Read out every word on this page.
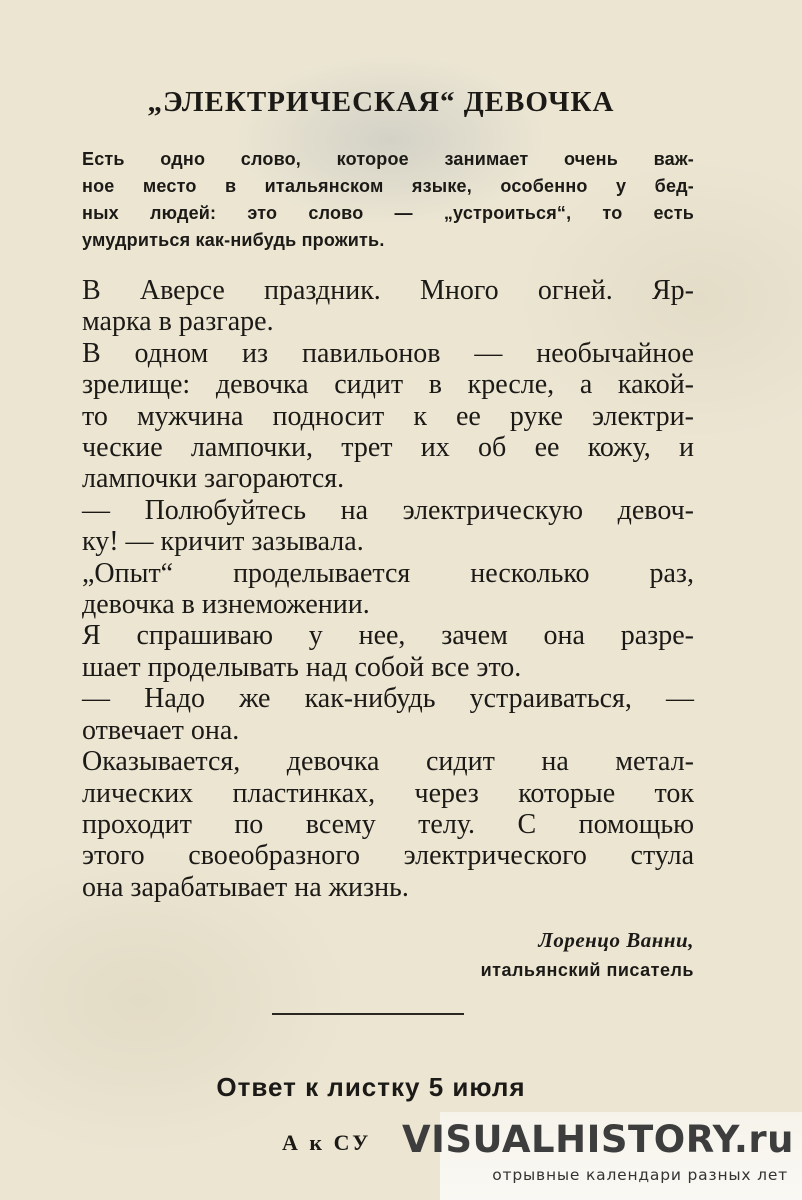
„ЭЛЕКТРИЧЕСКАЯ“ ДЕВОЧКА
Есть одно слово, которое занимает очень важ-
ное место в итальянском языке, особенно у бед-
ных людей: это слово — „устроиться“, то есть
умудриться как-нибудь прожить.
В Аверсе праздник. Много огней. Яр-
марка в разгаре.
В одном из павильонов — необычайное
зрелище: девочка сидит в кресле, а какой-
то мужчина подносит к ее руке электри-
ческие лампочки, трет их об ее кожу, и
лампочки загораются.
— Полюбуйтесь на электрическую девоч-
ку! — кричит зазывала.
„Опыт“ проделывается несколько раз,
девочка в изнеможении.
Я спрашиваю у нее, зачем она разре-
шает проделывать над собой все это.
— Надо же как-нибудь устраиваться, —
отвечает она.
Оказывается, девочка сидит на метал-
лических пластинках, через которые ток
проходит по всему телу. С помощью
этого своеобразного электрического стула
она зарабатывает на жизнь.
Лоренцо Ванни,
итальянский писатель
Ответ к листку 5 июля
А к СУ VISUALHISTORY.ru
отрывные календари разных лет
